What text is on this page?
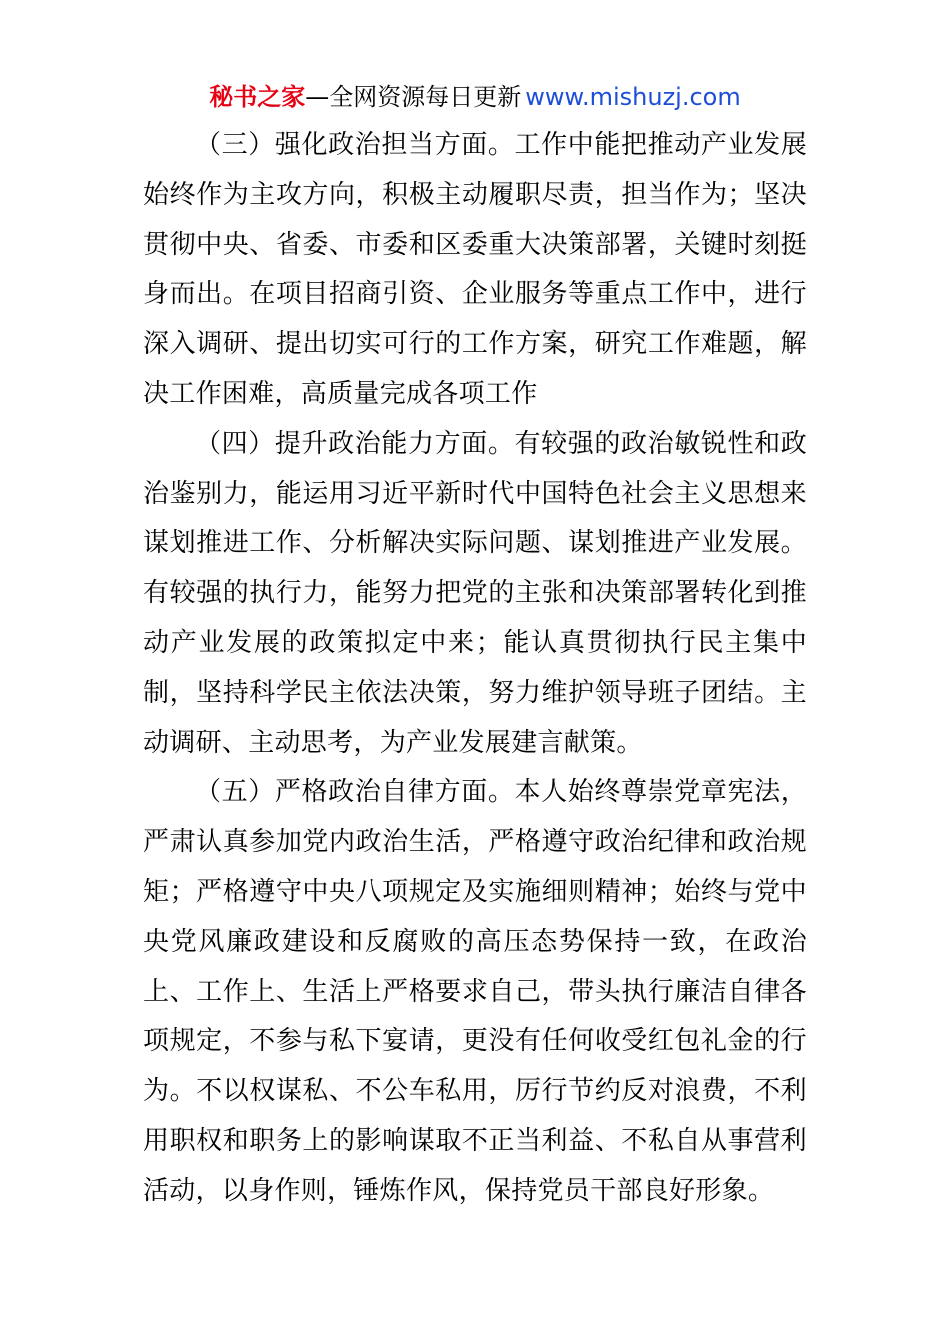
秘书之家—全网资源每日更新 www.mishuzj.com

（三）强化政治担当方面。工作中能把推动产业发展始终作为主攻方向，积极主动履职尽责，担当作为；坚决贯彻中央、省委、市委和区委重大决策部署，关键时刻挺身而出。在项目招商引资、企业服务等重点工作中，进行深入调研、提出切实可行的工作方案，研究工作难题，解决工作困难，高质量完成各项工作

（四）提升政治能力方面。有较强的政治敏锐性和政治鉴别力，能运用习近平新时代中国特色社会主义思想来谋划推进工作、分析解决实际问题、谋划推进产业发展。有较强的执行力，能努力把党的主张和决策部署转化到推动产业发展的政策拟定中来；能认真贯彻执行民主集中制，坚持科学民主依法决策，努力维护领导班子团结。主动调研、主动思考，为产业发展建言献策。

（五）严格政治自律方面。本人始终尊崇党章宪法，严肃认真参加党内政治生活，严格遵守政治纪律和政治规矩；严格遵守中央八项规定及实施细则精神；始终与党中央党风廉政建设和反腐败的高压态势保持一致，在政治上、工作上、生活上严格要求自己，带头执行廉洁自律各项规定，不参与私下宴请，更没有任何收受红包礼金的行为。不以权谋私、不公车私用，厉行节约反对浪费，不利用职权和职务上的影响谋取不正当利益、不私自从事营利活动，以身作则，锤炼作风，保持党员干部良好形象。
